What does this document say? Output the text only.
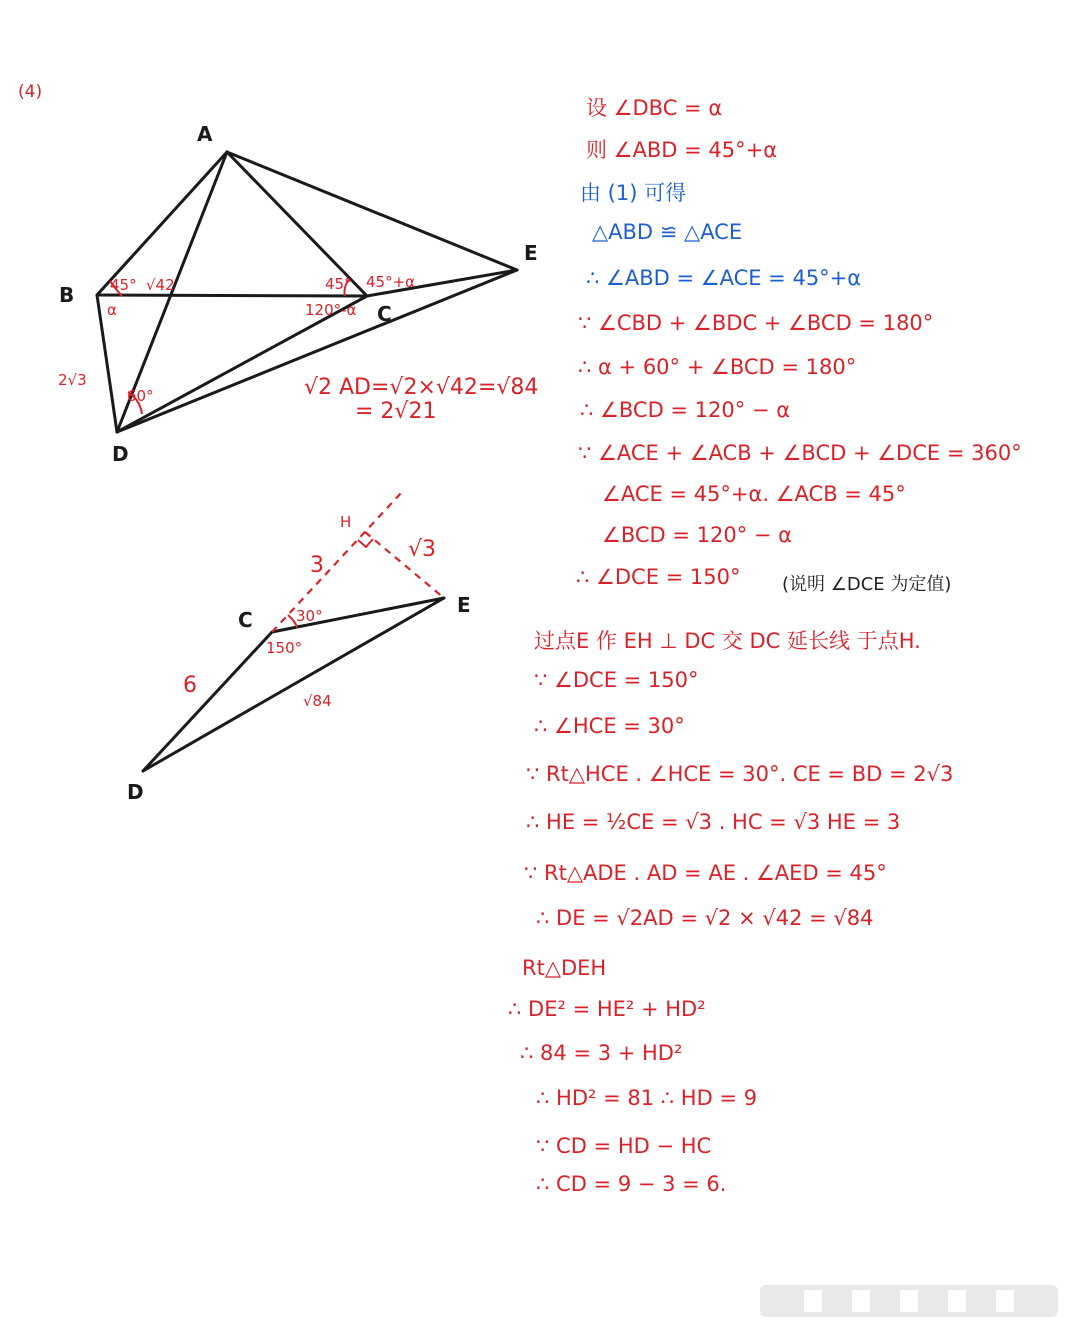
(4)
A
B
C
D
E
45°
α
√42	45° 45°+α
120°-α
60°
2√3	√2 AD=√2×√42=√84
= 2√21
C
D
E
H
3
√3
30°
150°
6
√84

设 ∠DBC = α

则 ∠ABD = 45°+α

由 (1) 可得

△ABD ≌ △ACE

∴ ∠ABD = ∠ACE = 45°+α

∵ ∠CBD + ∠BDC + ∠BCD = 180°

∴ α + 60° + ∠BCD = 180°

∴ ∠BCD = 120° − α

∵ ∠ACE + ∠ACB + ∠BCD + ∠DCE = 360°

∠ACE = 45°+α. ∠ACB = 45°

∠BCD = 120° − α

∴ ∠DCE = 150° (说明 ∠DCE 为定值)

过点E 作 EH ⊥ DC 交 DC 延长线 于点H.

∵ ∠DCE = 150°

∴ ∠HCE = 30°

∵ Rt△HCE . ∠HCE = 30°. CE = BD = 2√3

∴ HE = ½CE = √3 . HC = √3 HE = 3

∵ Rt△ADE . AD = AE . ∠AED = 45°

∴ DE = √2AD = √2 × √42 = √84

Rt△DEH

∴ DE² = HE² + HD²

∴ 84 = 3 + HD²

∴ HD² = 81 ∴ HD = 9

∵ CD = HD − HC

∴ CD = 9 − 3 = 6.
